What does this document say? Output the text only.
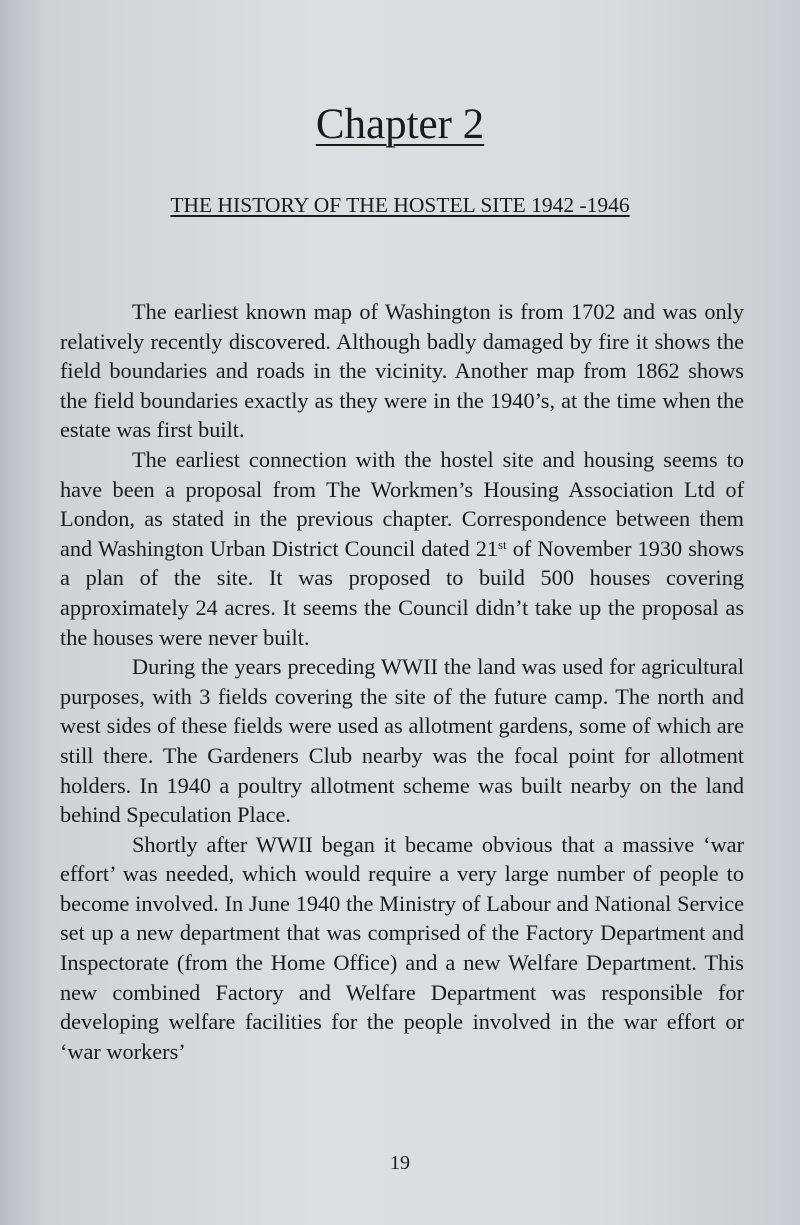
Chapter 2
THE HISTORY OF THE HOSTEL SITE 1942 -1946

The earliest known map of Washington is from 1702 and was only relatively recently discovered. Although badly damaged by fire it shows the field boundaries and roads in the vicinity. Another map from 1862 shows the field boundaries exactly as they were in the 1940’s, at the time when the estate was first built.

The earliest connection with the hostel site and housing seems to have been a proposal from The Workmen’s Housing Association Ltd of London, as stated in the previous chapter. Correspondence between them and Washington Urban District Council dated 21st of November 1930 shows a plan of the site. It was proposed to build 500 houses covering approximately 24 acres. It seems the Council didn’t take up the proposal as the houses were never built.

During the years preceding WWII the land was used for agricultural purposes, with 3 fields covering the site of the future camp. The north and west sides of these fields were used as allotment gardens, some of which are still there. The Gardeners Club nearby was the focal point for allotment holders. In 1940 a poultry allotment scheme was built nearby on the land behind Speculation Place.

Shortly after WWII began it became obvious that a massive ‘war effort’ was needed, which would require a very large number of people to become involved. In June 1940 the Ministry of Labour and National Service set up a new department that was comprised of the Factory Department and Inspectorate (from the Home Office) and a new Welfare Department. This new combined Factory and Welfare Department was responsible for developing welfare facilities for the people involved in the war effort or ‘war workers’

19
